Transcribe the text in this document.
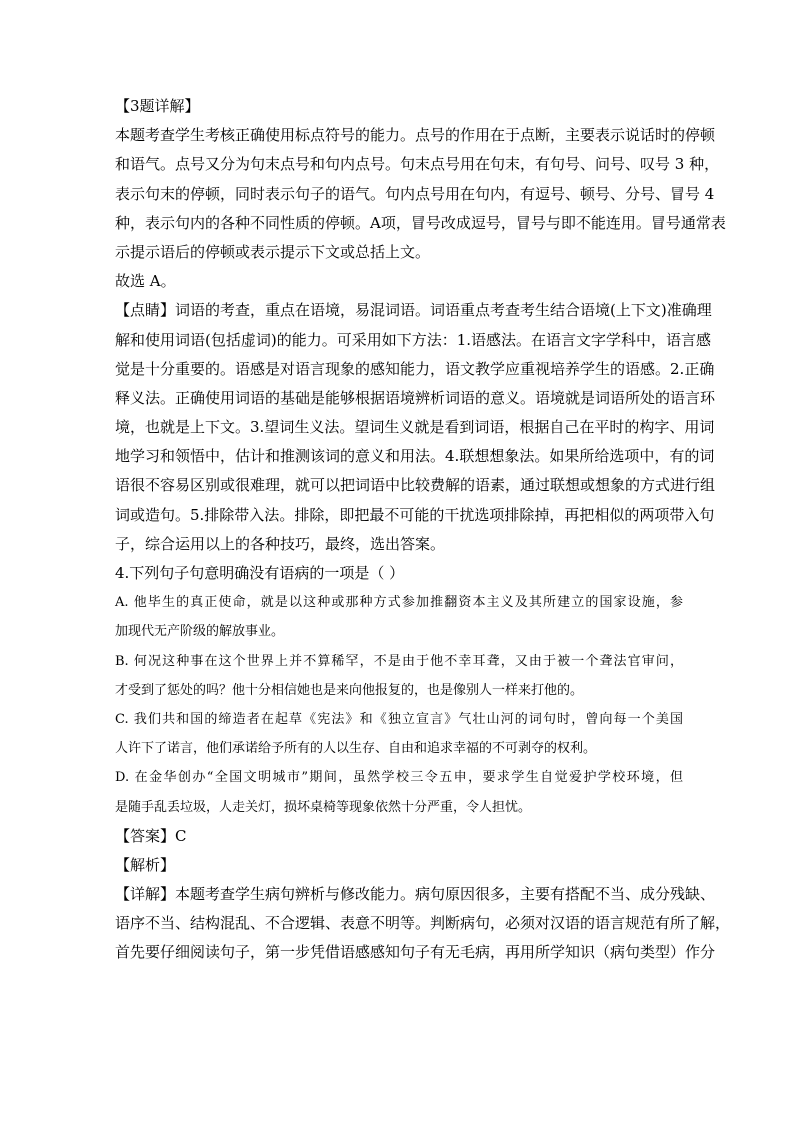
【3题详解】
本题考查学生考核正确使用标点符号的能力。点号的作用在于点断，主要表示说话时的停顿
和语气。点号又分为句末点号和句内点号。句末点号用在句末，有句号、问号、叹号 3 种，
表示句末的停顿，同时表示句子的语气。句内点号用在句内，有逗号、顿号、分号、冒号 4
种，表示句内的各种不同性质的停顿。A项，冒号改成逗号，冒号与即不能连用。冒号通常表
示提示语后的停顿或表示提示下文或总括上文。
故选 A。
【点睛】词语的考查，重点在语境，易混词语。词语重点考查考生结合语境(上下文)准确理
解和使用词语(包括虚词)的能力。可采用如下方法：1.语感法。在语言文字学科中，语言感
觉是十分重要的。语感是对语言现象的感知能力，语文教学应重视培养学生的语感。2.正确
释义法。正确使用词语的基础是能够根据语境辨析词语的意义。语境就是词语所处的语言环
境，也就是上下文。3.望词生义法。望词生义就是看到词语，根据自己在平时的构字、用词
地学习和领悟中，估计和推测该词的意义和用法。4.联想想象法。如果所给选项中，有的词
语很不容易区别或很难理，就可以把词语中比较费解的语素，通过联想或想象的方式进行组
词或造句。5.排除带入法。排除，即把最不可能的干扰选项排除掉，再把相似的两项带入句
子，综合运用以上的各种技巧，最终，选出答案。
4.下列句子句意明确没有语病的一项是（ ）
A. 他毕生的真正使命，就是以这种或那种方式参加推翻资本主义及其所建立的国家设施，参
加现代无产阶级的解放事业。
B. 何况这种事在这个世界上并不算稀罕，不是由于他不幸耳聋，又由于被一个聋法官审问，
才受到了惩处的吗？他十分相信她也是来向他报复的，也是像别人一样来打他的。
C. 我们共和国的缔造者在起草《宪法》和《独立宣言》气壮山河的词句时，曾向每一个美国
人许下了诺言，他们承诺给予所有的人以生存、自由和追求幸福的不可剥夺的权利。
D. 在金华创办“全国文明城市”期间，虽然学校三令五申，要求学生自觉爱护学校环境，但
是随手乱丢垃圾，人走关灯，损坏桌椅等现象依然十分严重，令人担忧。
【答案】C
【解析】
【详解】本题考查学生病句辨析与修改能力。病句原因很多，主要有搭配不当、成分残缺、
语序不当、结构混乱、不合逻辑、表意不明等。判断病句，必须对汉语的语言规范有所了解，
首先要仔细阅读句子，第一步凭借语感感知句子有无毛病，再用所学知识（病句类型）作分
